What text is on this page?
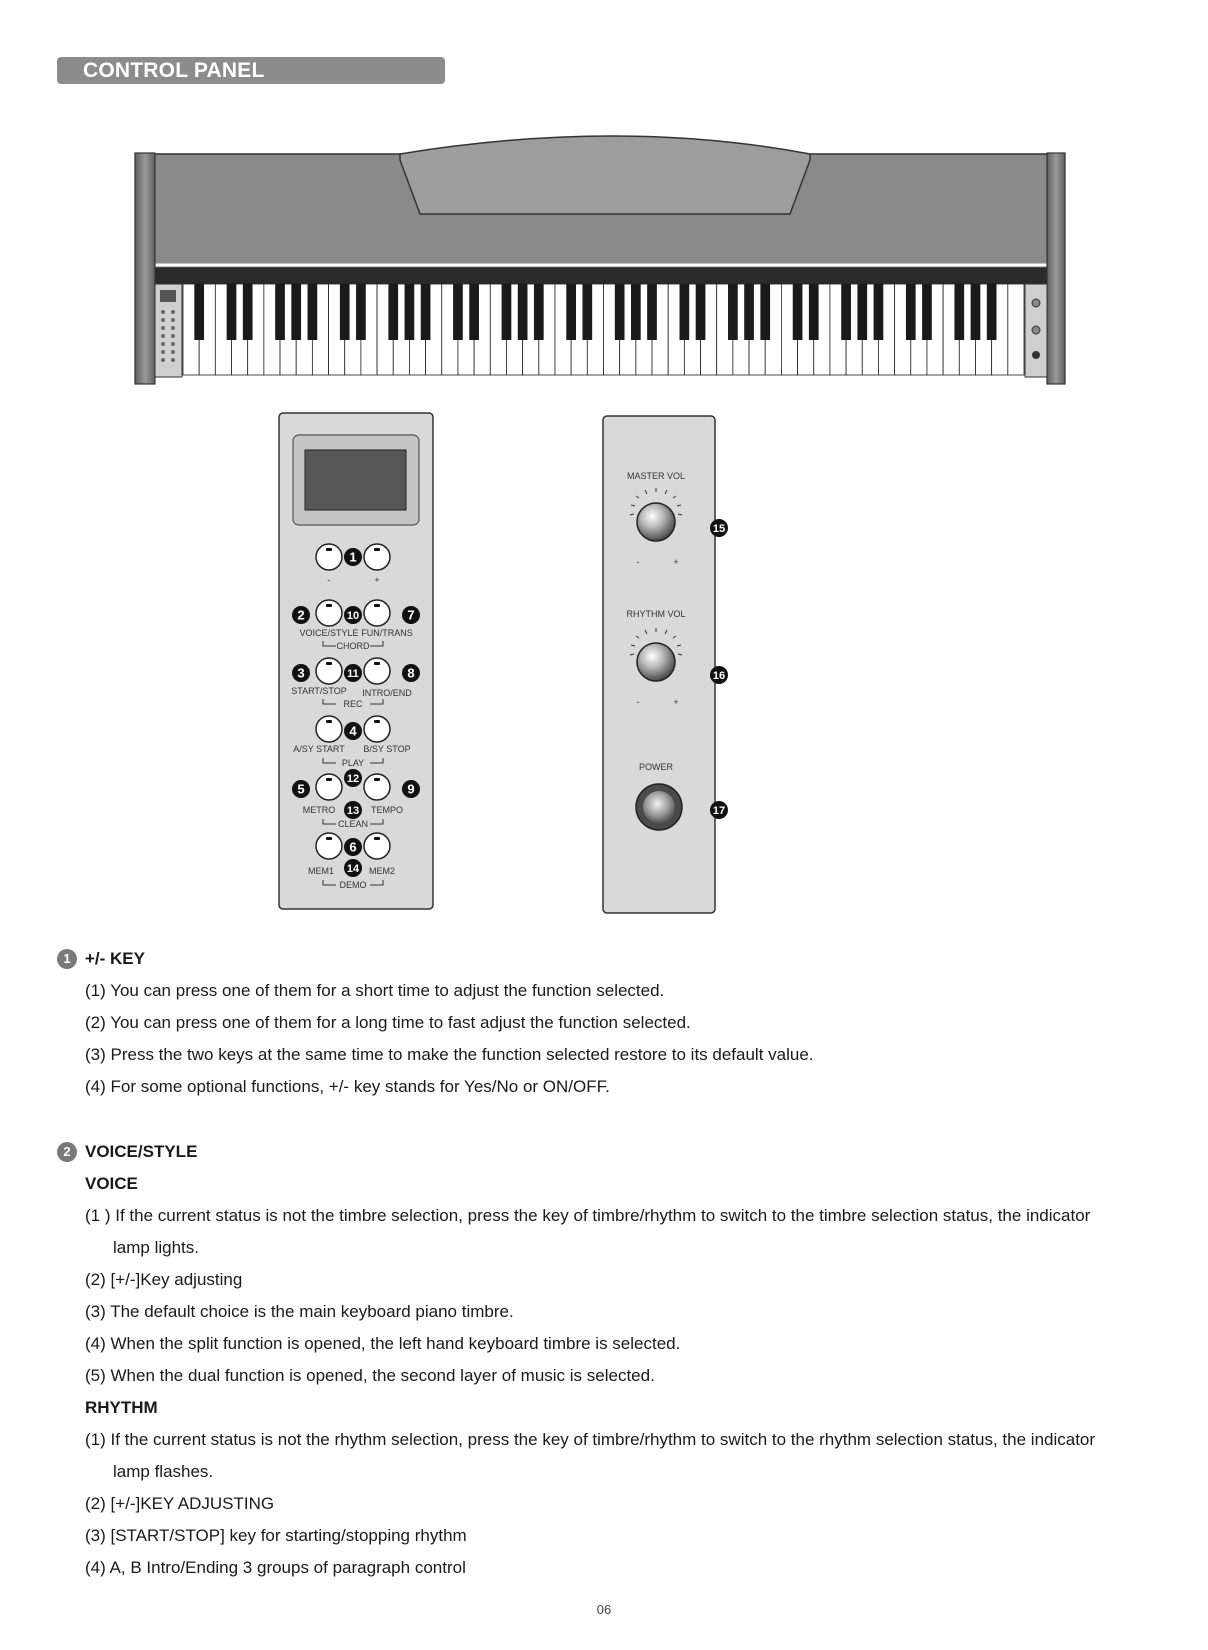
CONTROL PANEL
1
-	+
2	10	7
VOICE/STYLE FUN/TRANS
CHORD
3	11	8
START/STOP INTRO/END
REC
4
A/SY START B/SY STOP
PLAY
12
5	9
13
METRO	TEMPO
CLEAN
6
14
MEM1	MEM2
DEMO
MASTER VOL
-	+
RHYTHM VOL
-	+
POWER
15
16
17
1 +/- KEY
(1) You can press one of them for a short time to adjust the function selected.
(2) You can press one of them for a long time to fast adjust the function selected.
(3) Press the two keys at the same time to make the function selected restore to its default value.
(4) For some optional functions, +/- key stands for Yes/No or ON/OFF.
2 VOICE/STYLE
VOICE
(1 ) If the current status is not the timbre selection, press the key of timbre/rhythm to switch to the timbre selection status, the indicator
lamp lights.
(2) [+/-]Key adjusting
(3) The default choice is the main keyboard piano timbre.
(4) When the split function is opened, the left hand keyboard timbre is selected.
(5) When the dual function is opened, the second layer of music is selected.
RHYTHM
(1) If the current status is not the rhythm selection, press the key of timbre/rhythm to switch to the rhythm selection status, the indicator
lamp flashes.
(2) [+/-]KEY ADJUSTING
(3) [START/STOP] key for starting/stopping rhythm
(4) A, B Intro/Ending 3 groups of paragraph control
06
